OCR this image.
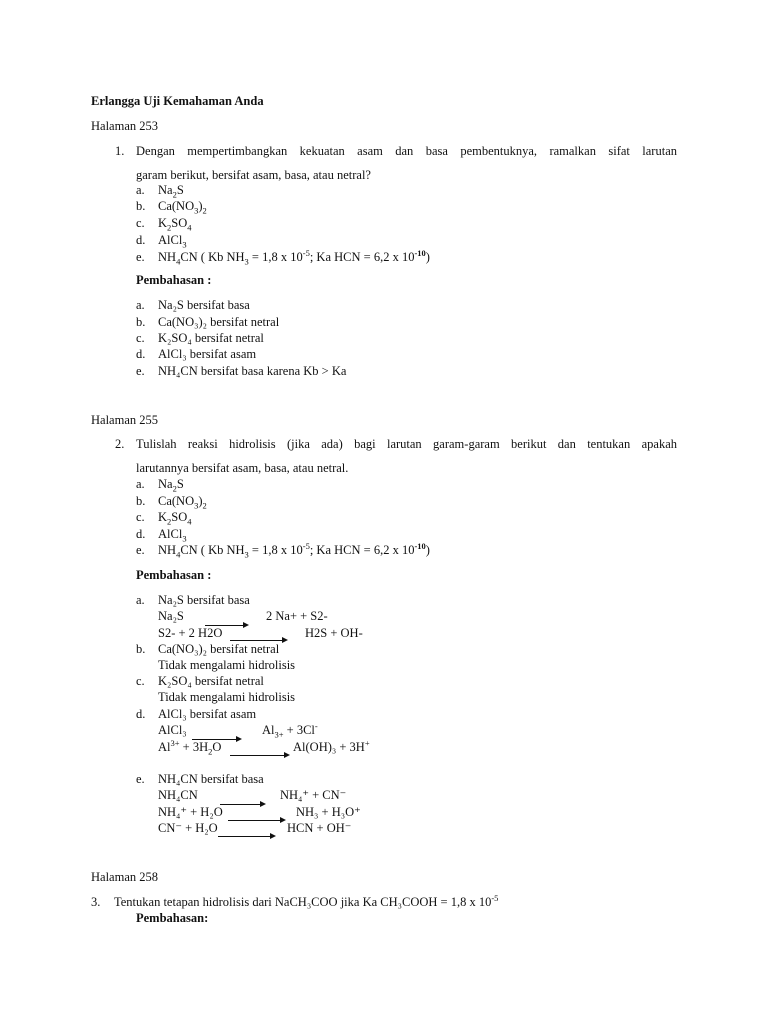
Erlangga Uji Kemahaman Anda
Halaman 253
1. Dengan mempertimbangkan kekuatan asam dan basa pembentuknya, ramalkan sifat larutan
garam berikut, bersifat asam, basa, atau netral?
a. $Na_2S$
b. $Ca(NO_3)_2$
c. $K_2SO_4$
d. AlCl$_3$
e. $NH_4CN$ ( Kb $NH_3 = 1,8$ x $10^{-5}$; Ka HCN = 6,2 x $10^{-10}$)
Pembahasan :
a. Na₂S bersifat basa
b. Ca(NO₃)₂ bersifat netral
c. K₂SO₄ bersifat netral
d. AlCl₃ bersifat asam
e. NH₄CN bersifat basa karena Kb > Ka
Halaman 255
2. Tulislah reaksi hidrolisis (jika ada) bagi larutan garam-garam berikut dan tentukan apakah
larutannya bersifat asam, basa, atau netral.
a. $Na_2S$
b. $Ca(NO_3)_2$
c. $K_2SO_4$
d. AlCl$_3$
e. $NH_4CN$ ( Kb $NH_3 = 1,8$ x $10^{-5}$; Ka HCN = 6,2 x $10^{-10}$)
Pembahasan :
a. Na₂S bersifat basa
Na₂S	2 Na+ + S2-
S2- + 2 H2O	H2S + OH-
b. Ca(NO₃)₂ bersifat netral
Tidak mengalami hidrolisis
c. K₂SO₄ bersifat netral
Tidak mengalami hidrolisis
d. AlCl₃ bersifat asam
AlCl₃	$Al_{3+} + 3Cl^-$
$Al^{3+} + 3H_2O$	Al(OH)₃ + 3H+
e. NH₄CN bersifat basa
NH₄CN	NH₄⁺ + CN⁻
NH₄⁺ + H₂O	NH₃ + H₃O⁺
CN⁻ + H₂O	HCN + OH⁻
Halaman 258
3. Tentukan tetapan hidrolisis dari NaCH₃COO jika Ka CH₃COOH = 1,8 x $10^{-5}$
Pembahasan:
